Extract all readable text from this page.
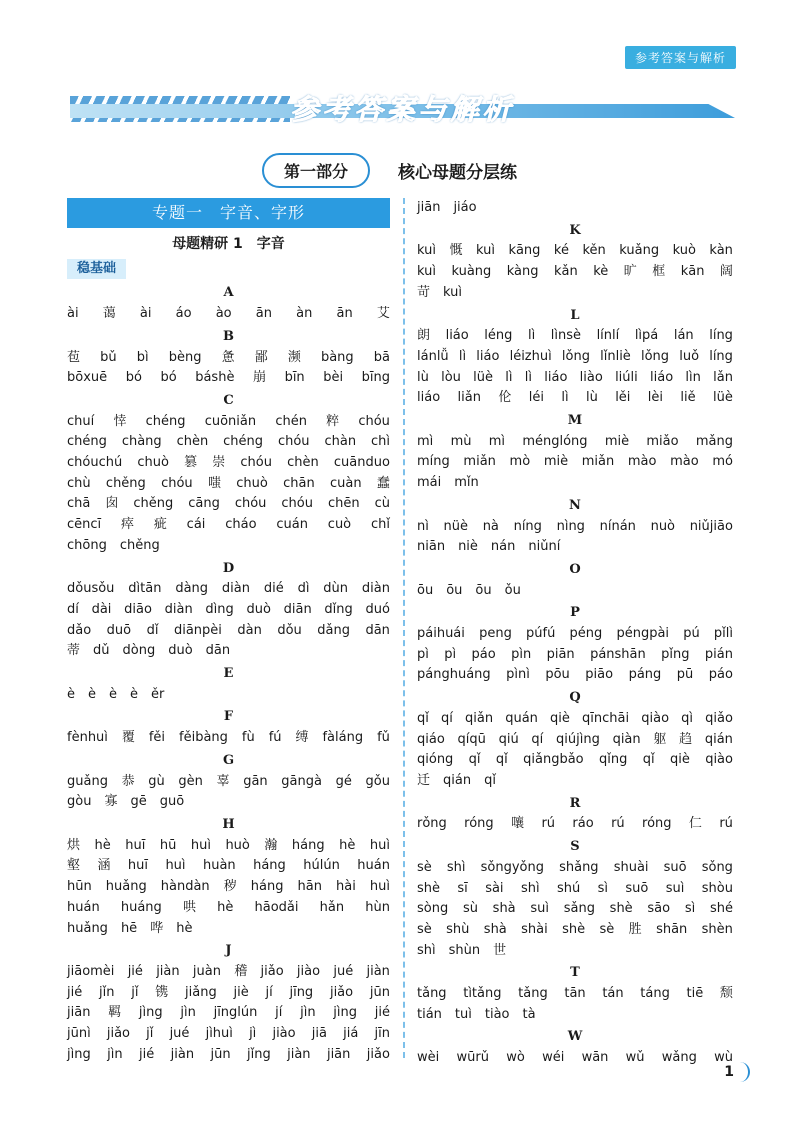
参考答案与解析
参考答案与解析
第一部分	核心母题分层练
专题一　字音、字形
母题精研 1　字音
稳基础
A
ài 蔼 ài áo ào ān àn ān 艾
B
苞 bǔ bì bèng 惫 鄙 濒 bàng bā
bōxuē bó bó báshè 崩 bīn bèi bīng
C
chuí 悻 chéng cuōniǎn chén 粹 chóu
chéng chàng chèn chéng chóu chàn chì
chóuchú chuò 篡 崇 chóu chèn cuānduo
chù chěng chóu 嗤 chuò chān cuàn 蠢
chā 囱 chěng cāng chóu chóu chēn cù
cēncī 瘁 疵 cái cháo cuán cuò chǐ
chōng chěng
D
dǒusǒu dìtān dàng diàn dié dì dùn diàn
dí dài diāo diàn dìng duò diān dǐng duó
dǎo duō dǐ diānpèi dàn dǒu dǎng dān
蒂 dǔ dòng duò dān
E
è è è è ěr
F
fènhuì 覆 fěi fěibàng fù fú 缚 fàláng fǔ
G
guǎng 恭 gù gèn 辜 gān gāngà gé gǒu
gòu 寡 gē guō
H
烘 hè huī hū huì huò 瀚 háng hè huì
壑 涵 huī huì huàn háng húlún huán
hūn huǎng hàndàn 秽 háng hān hài huì
huán huáng 哄 hè hāodǎi hǎn hùn
huǎng hē 哗 hè
J
jiāomèi jié jiàn juàn 稽 jiǎo jiào jué jiàn
jié jǐn jǐ 镌 jiǎng jiè jí jīng jiǎo jūn
jiān 羁 jìng jìn jīnglún jí jìn jìng jié
jūnì jiǎo jǐ jué jìhuì jì jiào jiā jiá jīn
jìng jìn jié jiàn jūn jǐng jiàn jiān jiǎo
jiān jiáo
K
kuì 慨 kuì kāng ké kěn kuǎng kuò kàn
kuì kuàng kàng kǎn kè 旷 框 kān 阔
苛 kuì
L
朗 liáo léng lì lìnsè línlí lìpá lán líng
lánlǚ lì liáo léizhuì lǒng lǐnliè lǒng luǒ líng
lù lòu lüè lì lì liáo liào liúli liáo lìn lǎn
liáo liǎn 伦 léi lì lù lěi lèi liě lüè
M
mì mù mì ménglóng miè miǎo mǎng
míng miǎn mò miè miǎn mào mào mó
mái mǐn
N
nì nüè nà níng nìng nínán nuò niǔjiāo
niān niè nán niǔní
O
ōu ōu ōu ǒu
P
páihuái peng púfú péng péngpài pú pǐlì
pì pì páo pìn piān pánshān pǐng pián
pánghuáng pìnì pōu piāo páng pū páo
Q
qǐ qí qiǎn quán qiè qīnchāi qiào qì qiǎo
qiáo qíqū qiú qí qiújìng qiàn 躯 趋 qián
qióng qǐ qǐ qiǎngbǎo qǐng qǐ qiè qiào
迁 qián qǐ
R
rǒng róng 嚷 rú ráo rú róng 仁 rú
S
sè shì sǒngyǒng shǎng shuài suō sǒng
shè sī sài shì shú sì suō suì shòu
sòng sù shà suì sǎng shè sāo sì shé
sè shù shà shài shè sè 胜 shān shèn
shì shùn 世
T
tǎng tìtǎng tǎng tān tán táng tiē 颓
tián tuì tiào tà
W
wèi wūrǔ wò wéi wān wǔ wǎng wù
1
